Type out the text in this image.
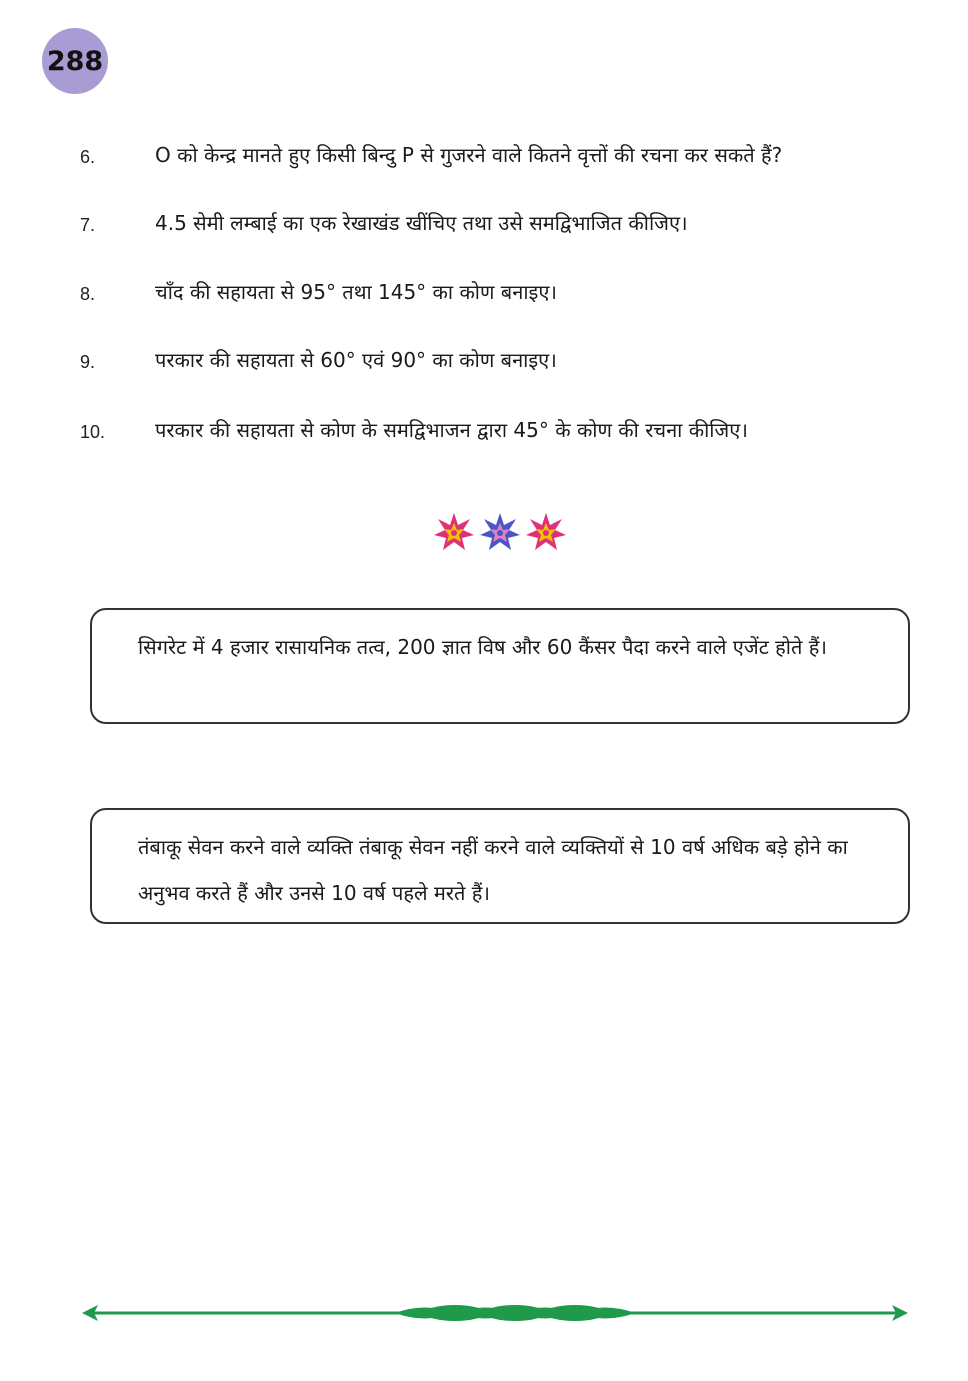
288
6.	O को केन्द्र मानते हुए किसी बिन्दु P से गुजरने वाले कितने वृत्तों की रचना कर सकते हैं?
7.	4.5 सेमी लम्बाई का एक रेखाखंड खींचिए तथा उसे समद्विभाजित कीजिए।
8.	चाँद की सहायता से 95° तथा 145° का कोण बनाइए।
9.	परकार की सहायता से 60° एवं 90° का कोण बनाइए।
10. परकार की सहायता से कोण के समद्विभाजन द्वारा 45° के कोण की रचना कीजिए।
सिगरेट में 4 हजार रासायनिक तत्व, 200 ज्ञात विष और 60 कैंसर पैदा करने वाले एजेंट होते हैं।
तंबाकू सेवन करने वाले व्यक्ति तंबाकू सेवन नहीं करने वाले व्यक्तियों से 10 वर्ष अधिक बड़े होने का अनुभव करते हैं और उनसे 10 वर्ष पहले मरते हैं।
